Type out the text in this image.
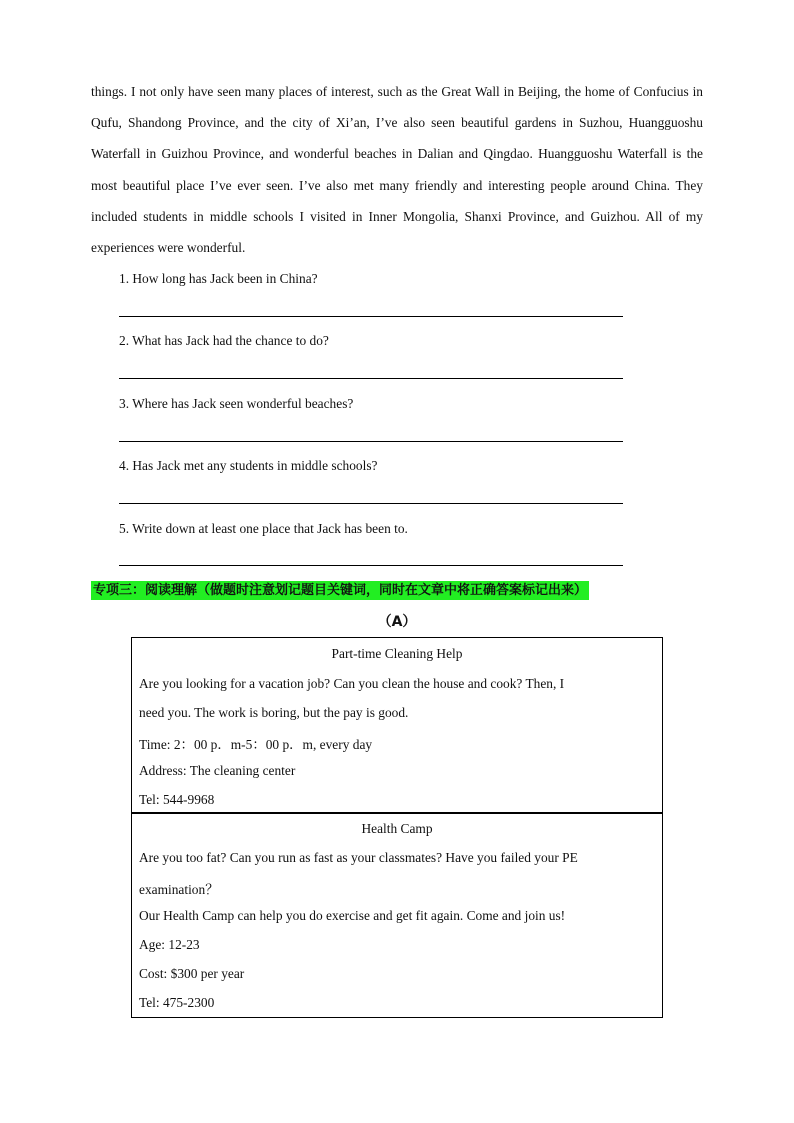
things. I not only have seen many places of interest, such as the Great Wall in Beijing, the home of Confucius in Qufu, Shandong Province, and the city of Xi’an, I’ve also seen beautiful gardens in Suzhou, Huangguoshu Waterfall in Guizhou Province, and wonderful beaches in Dalian and Qingdao. Huangguoshu Waterfall is the most beautiful place I’ve ever seen. I’ve also met many friendly and interesting people around China. They included students in middle schools I visited in Inner Mongolia, Shanxi Province, and Guizhou. All of my experiences were wonderful.
1. How long has Jack been in China?
2. What has Jack had the chance to do?
3. Where has Jack seen wonderful beaches?
4. Has Jack met any students in middle schools?
5. Write down at least one place that Jack has been to.
专项三：阅读理解（做题时注意划记题目关键词，同时在文章中将正确答案标记出来）
（A）
Part-time Cleaning Help
Are you looking for a vacation job? Can you clean the house and cook? Then, I
need you. The work is boring, but the pay is good.
Time: 2：00 p．m-5：00 p．m, every day
Address: The cleaning center
Tel: 544-9968
Health Camp
Are you too fat? Can you run as fast as your classmates? Have you failed your PE
examination？
Our Health Camp can help you do exercise and get fit again. Come and join us!
Age: 12-23
Cost: $300 per year
Tel: 475-2300
